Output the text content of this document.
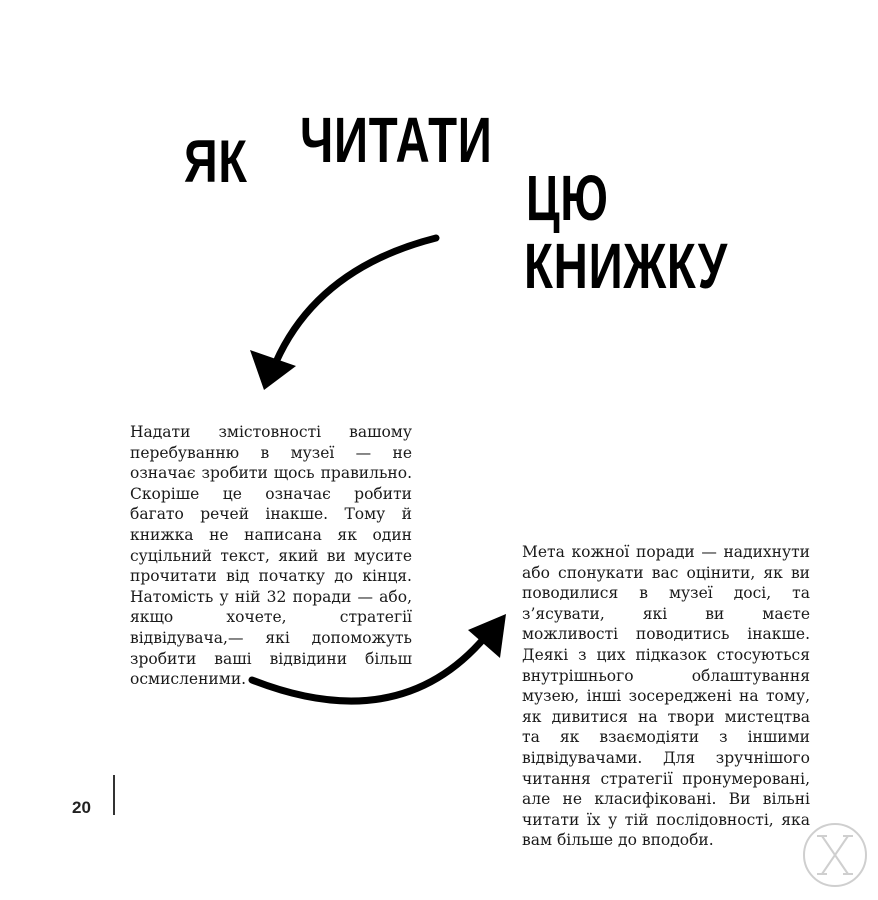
ЯК ЧИТАТИ
ЦЮ
КНИЖКУ

Надати змістовності вашому перебуванню в музеї — не означає зробити щось правильно. Скоріше це означає робити багато речей інакше. Тому й книжка не написана як один суцільний текст, який ви мусите прочитати від початку до кінця. Натомість у ній 32 поради — або, якщо хочете, стратегії відвідувача,— які допоможуть зробити ваші відвідини більш осмисленими.

Мета кожної поради — надихнути або спонукати вас оцінити, як ви поводилися в музеї досі, та з’ясувати, які ви маєте можливості поводитись інакше. Деякі з цих підказок стосуються внутрішнього облаштування музею, інші зосереджені на тому, як дивитися на твори мистецтва та як взаємодіяти з іншими відвідувачами. Для зручнішого читання стратегії пронумеровані, але не класифіковані. Ви вільні читати їх у тій послідовності, яка вам більше до вподоби.

20
